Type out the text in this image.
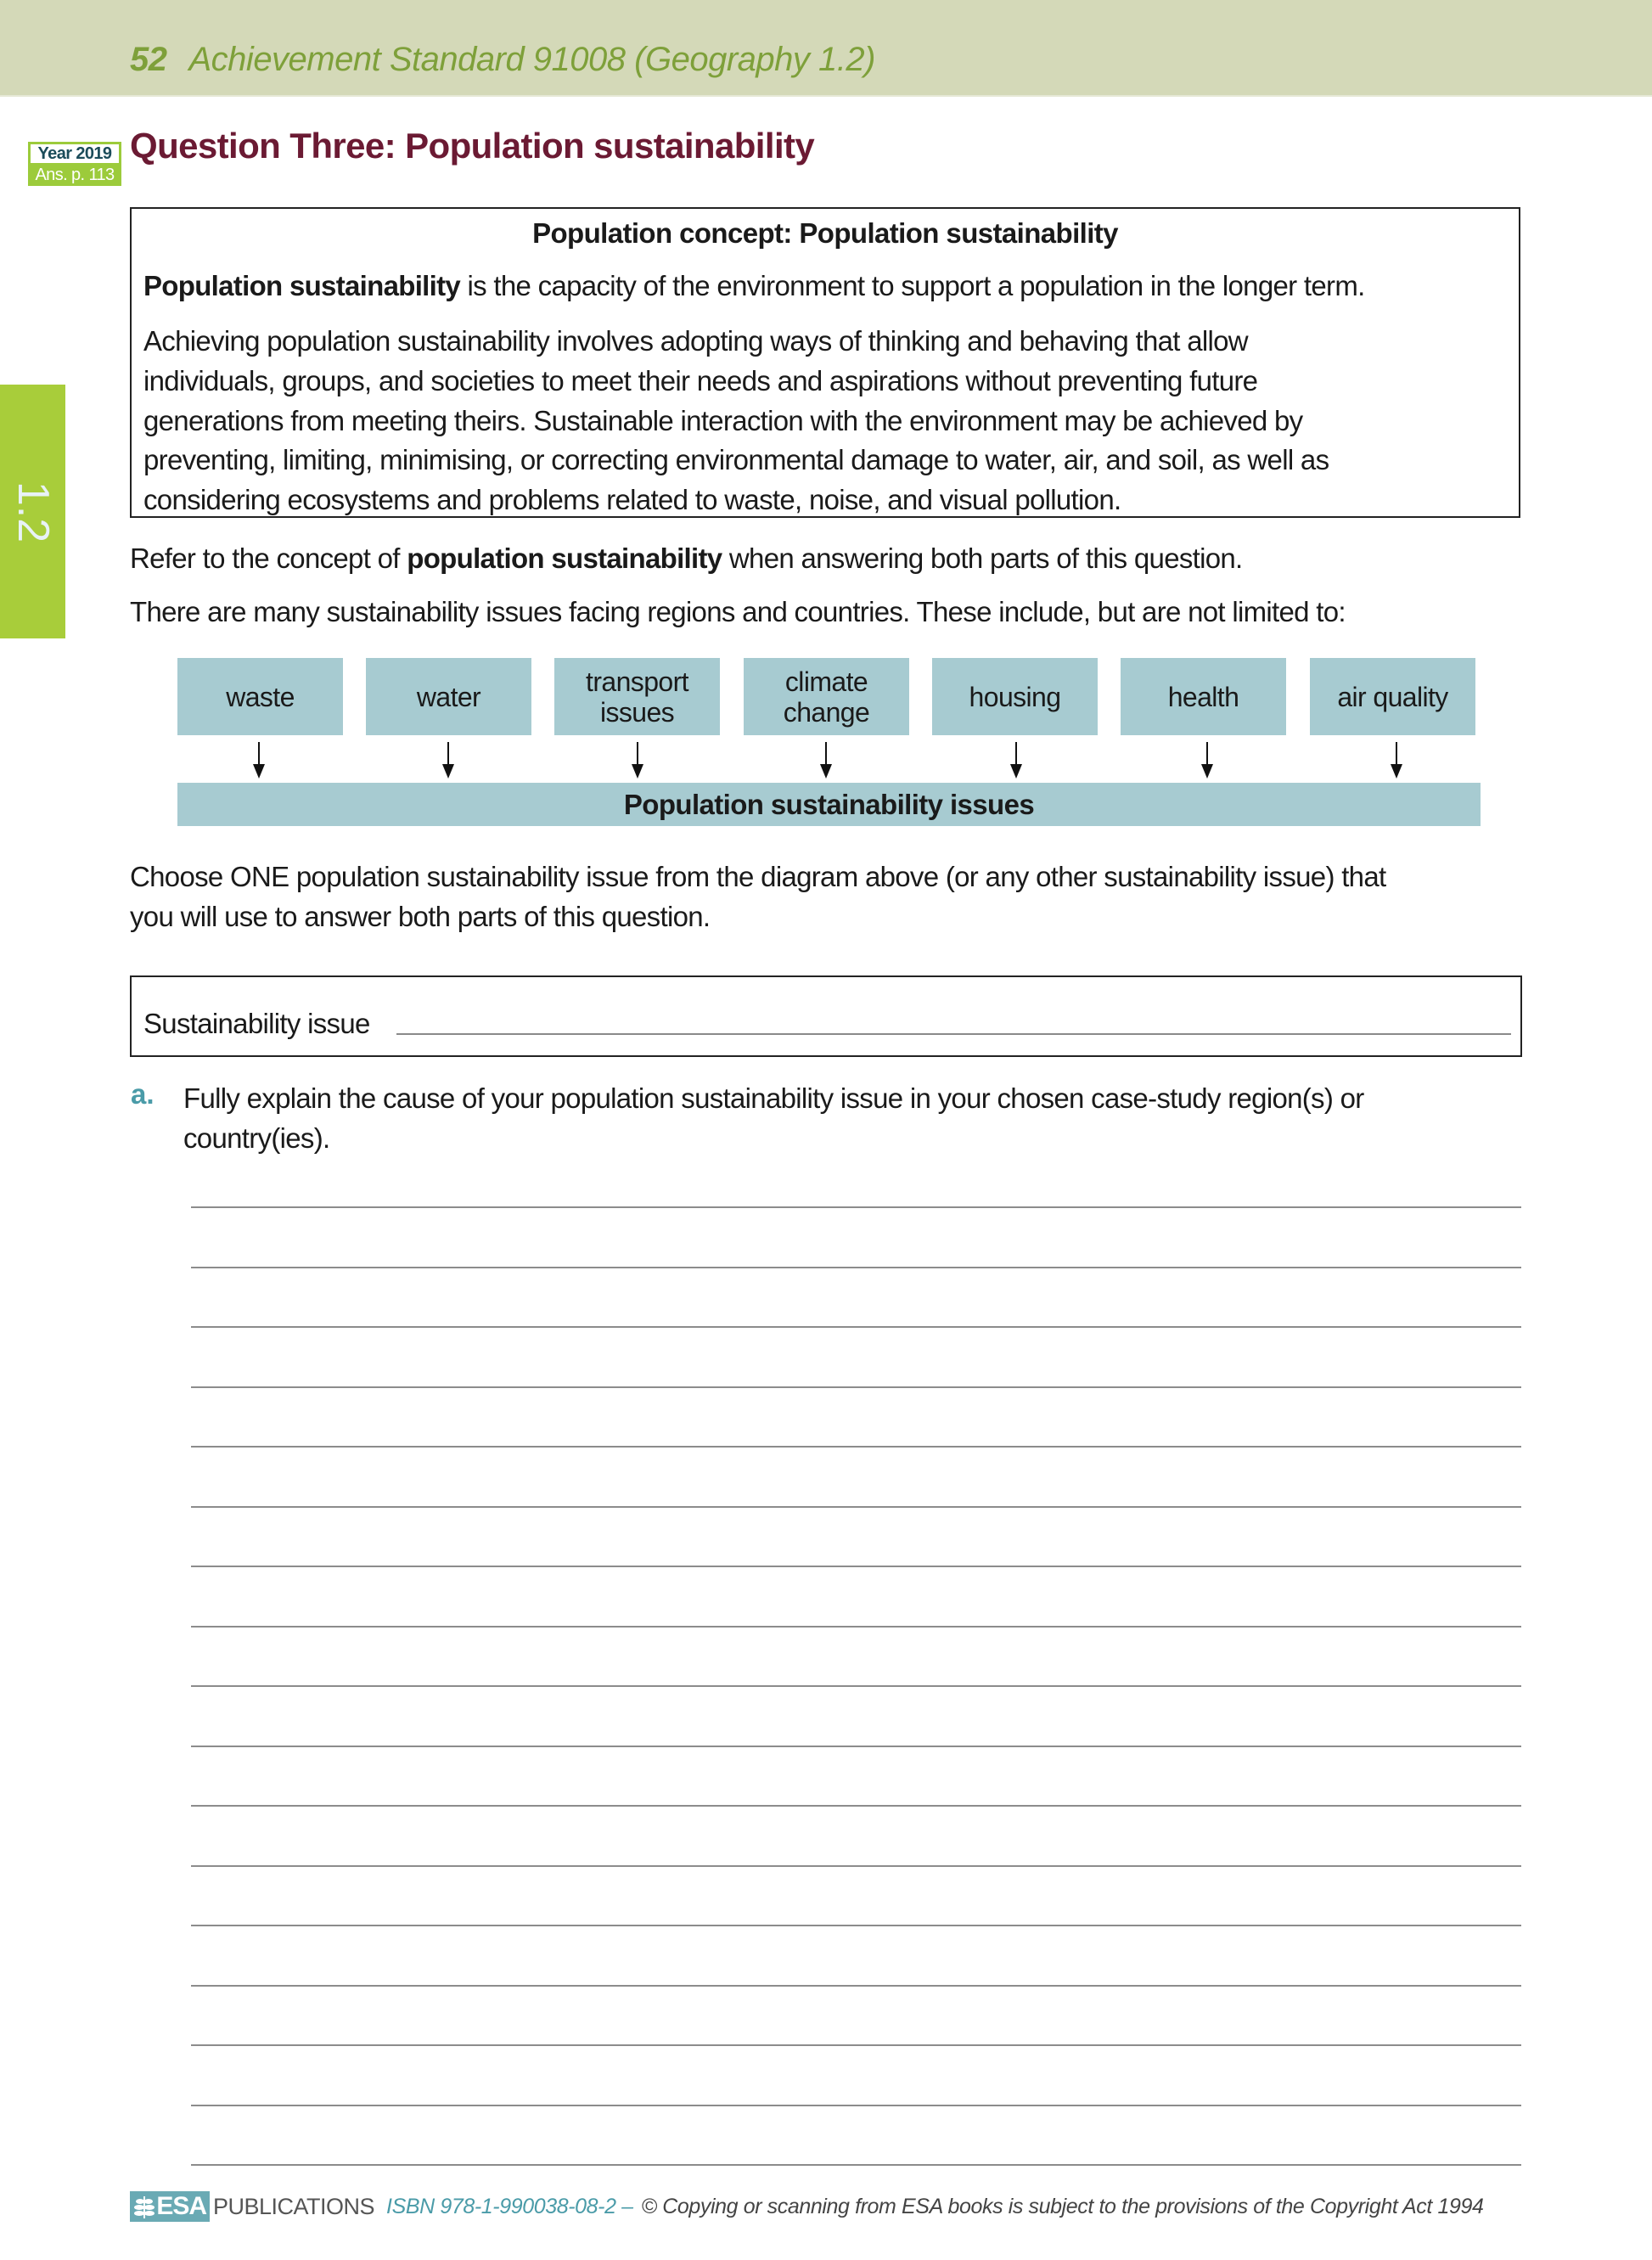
52 Achievement Standard 91008 (Geography 1.2)
Year 2019
Ans. p. 113
Question Three: Population sustainability
1.2
Population concept: Population sustainability
Population sustainability is the capacity of the environment to support a population in the longer term.
Achieving population sustainability involves adopting ways of thinking and behaving that allow
individuals, groups, and societies to meet their needs and aspirations without preventing future
generations from meeting theirs. Sustainable interaction with the environment may be achieved by
preventing, limiting, minimising, or correcting environmental damage to water, air, and soil, as well as
considering ecosystems and problems related to waste, noise, and visual pollution.
Refer to the concept of population sustainability when answering both parts of this question.
There are many sustainability issues facing regions and countries. These include, but are not limited to:
waste	water	transport
issues
climate
change	housing	health	air quality
Population sustainability issues
Choose ONE population sustainability issue from the diagram above (or any other sustainability issue) that
you will use to answer both parts of this question.
Sustainability issue
a. Fully explain the cause of your population sustainability issue in your chosen case-study region(s) or
country(ies).
ESA PUBLICATIONS ISBN 978-1-990038-08-2 – © Copying or scanning from ESA books is subject to the provisions of the Copyright Act 1994
